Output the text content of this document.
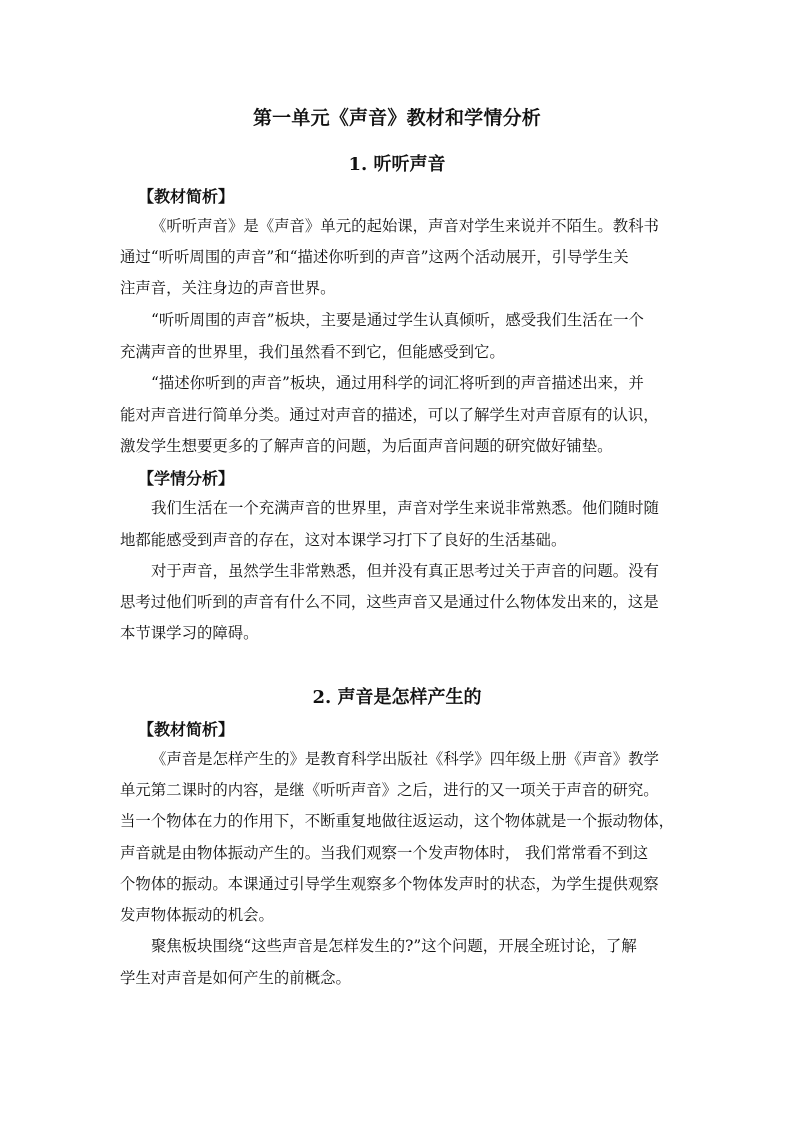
第一单元《声音》教材和学情分析
1. 听听声音
【教材简析】
《听听声音》是《声音》单元的起始课，声音对学生来说并不陌生。教科书
通过“听听周围的声音”和“描述你听到的声音”这两个活动展开，引导学生关
注声音，关注身边的声音世界。
“听听周围的声音”板块，主要是通过学生认真倾听，感受我们生活在一个
充满声音的世界里，我们虽然看不到它，但能感受到它。
“描述你听到的声音”板块，通过用科学的词汇将听到的声音描述出来，并
能对声音进行简单分类。通过对声音的描述，可以了解学生对声音原有的认识，
激发学生想要更多的了解声音的问题，为后面声音问题的研究做好铺垫。
【学情分析】
我们生活在一个充满声音的世界里，声音对学生来说非常熟悉。他们随时随
地都能感受到声音的存在，这对本课学习打下了良好的生活基础。
对于声音，虽然学生非常熟悉，但并没有真正思考过关于声音的问题。没有
思考过他们听到的声音有什么不同，这些声音又是通过什么物体发出来的，这是
本节课学习的障碍。
2. 声音是怎样产生的
【教材简析】
《声音是怎样产生的》是教育科学出版社《科学》四年级上册《声音》教学
单元第二课时的内容，是继《听听声音》之后，进行的又一项关于声音的研究。
当一个物体在力的作用下，不断重复地做往返运动，这个物体就是一个振动物体，
声音就是由物体振动产生的。当我们观察一个发声物体时， 我们常常看不到这
个物体的振动。本课通过引导学生观察多个物体发声时的状态，为学生提供观察
发声物体振动的机会。
聚焦板块围绕“这些声音是怎样发生的?”这个问题，开展全班讨论，了解
学生对声音是如何产生的前概念。
